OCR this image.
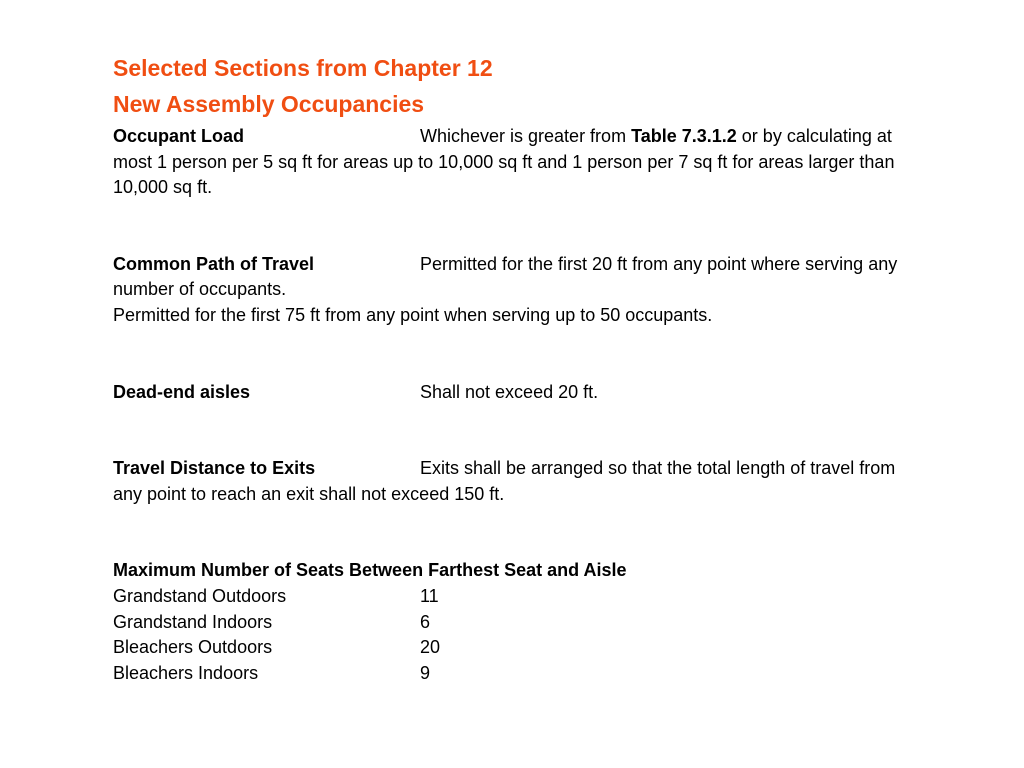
Selected Sections from Chapter 12
New Assembly Occupancies

Occupant Load	Whichever is greater from Table 7.3.1.2 or by calculating at most 1 person per 5 sq ft for areas up to 10,000 sq ft and 1 person per 7 sq ft for areas larger than 10,000 sq ft.

Common Path of Travel	Permitted for the first 20 ft from any point where serving any number of occupants.
Permitted for the first 75 ft from any point when serving up to 50 occupants.

Dead-end aisles	Shall not exceed 20 ft.

Travel Distance to Exits	Exits shall be arranged so that the total length of travel from any point to reach an exit shall not exceed 150 ft.

Maximum Number of Seats Between Farthest Seat and Aisle
Grandstand Outdoors	11
Grandstand Indoors	6
Bleachers Outdoors	20
Bleachers Indoors	9
